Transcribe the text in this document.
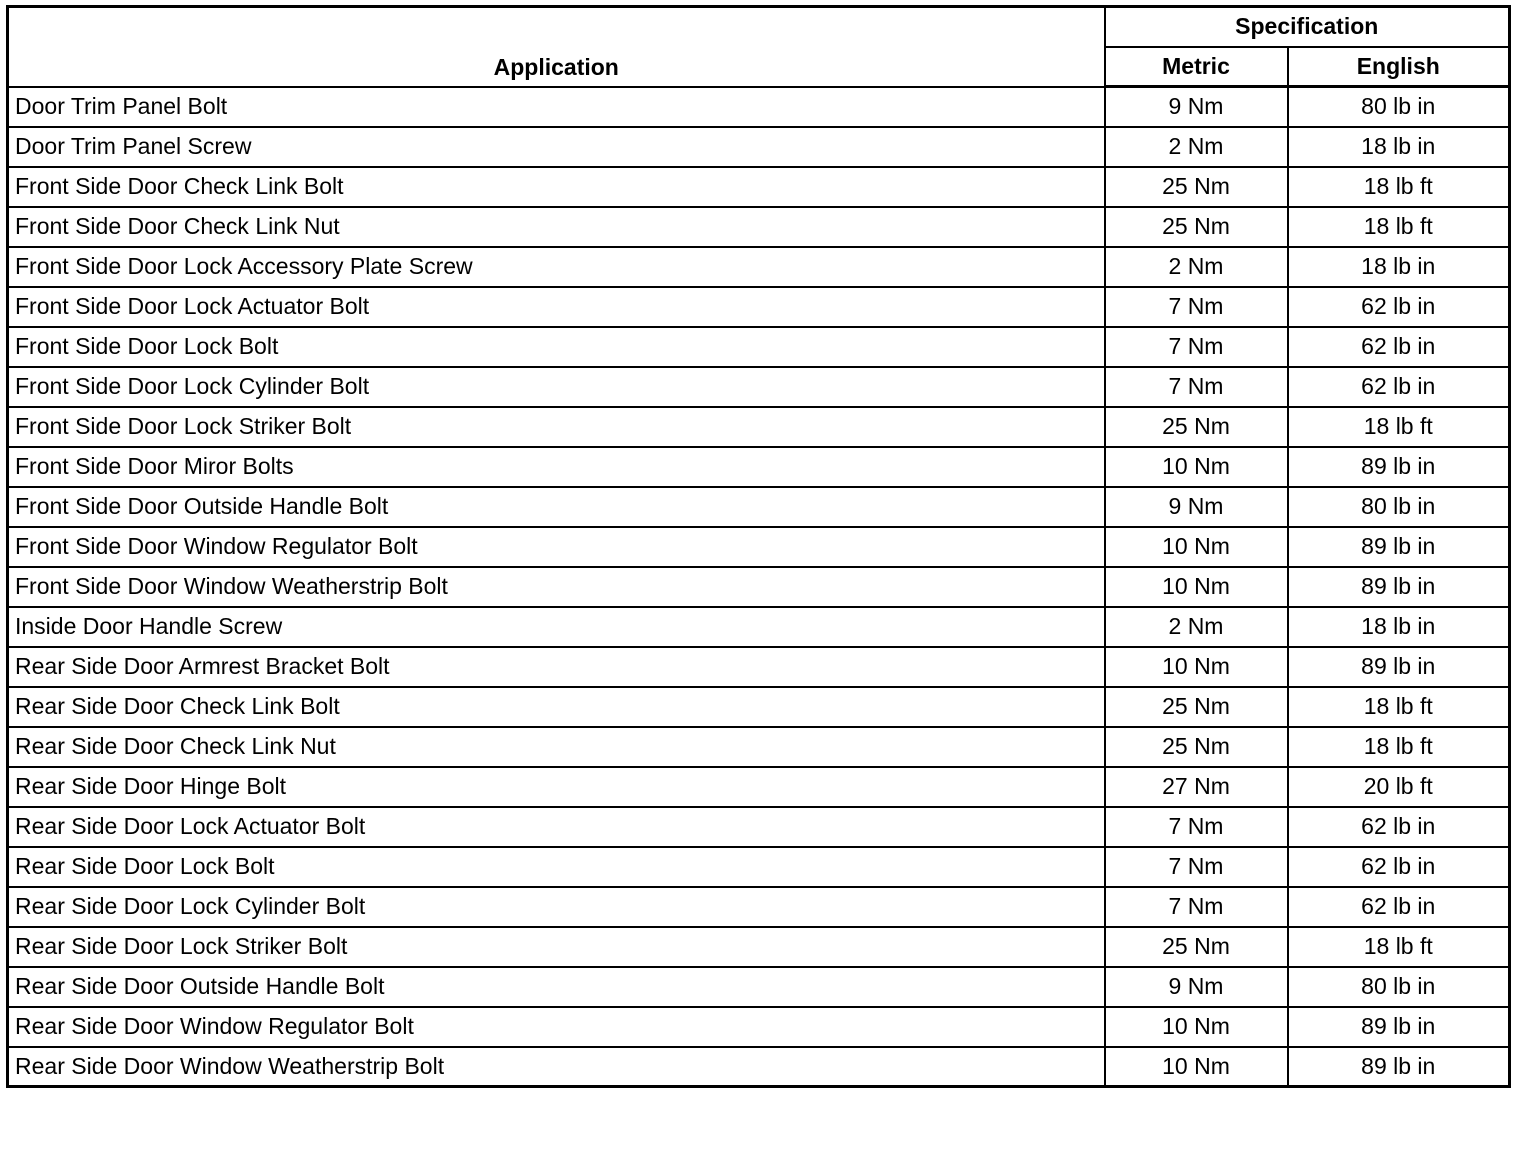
Application	Specification	
	Metric	English
Door Trim Panel Bolt	9 Nm	80 lb in
Door Trim Panel Screw	2 Nm	18 lb in
Front Side Door Check Link Bolt	25 Nm	18 lb ft
Front Side Door Check Link Nut	25 Nm	18 lb ft
Front Side Door Lock Accessory Plate Screw	2 Nm	18 lb in
Front Side Door Lock Actuator Bolt	7 Nm	62 lb in
Front Side Door Lock Bolt	7 Nm	62 lb in
Front Side Door Lock Cylinder Bolt	7 Nm	62 lb in
Front Side Door Lock Striker Bolt	25 Nm	18 lb ft
Front Side Door Miror Bolts	10 Nm	89 lb in
Front Side Door Outside Handle Bolt	9 Nm	80 lb in
Front Side Door Window Regulator Bolt	10 Nm	89 lb in
Front Side Door Window Weatherstrip Bolt	10 Nm	89 lb in
Inside Door Handle Screw	2 Nm	18 lb in
Rear Side Door Armrest Bracket Bolt	10 Nm	89 lb in
Rear Side Door Check Link Bolt	25 Nm	18 lb ft
Rear Side Door Check Link Nut	25 Nm	18 lb ft
Rear Side Door Hinge Bolt	27 Nm	20 lb ft
Rear Side Door Lock Actuator Bolt	7 Nm	62 lb in
Rear Side Door Lock Bolt	7 Nm	62 lb in
Rear Side Door Lock Cylinder Bolt	7 Nm	62 lb in
Rear Side Door Lock Striker Bolt	25 Nm	18 lb ft
Rear Side Door Outside Handle Bolt	9 Nm	80 lb in
Rear Side Door Window Regulator Bolt	10 Nm	89 lb in
Rear Side Door Window Weatherstrip Bolt	10 Nm	89 lb in
